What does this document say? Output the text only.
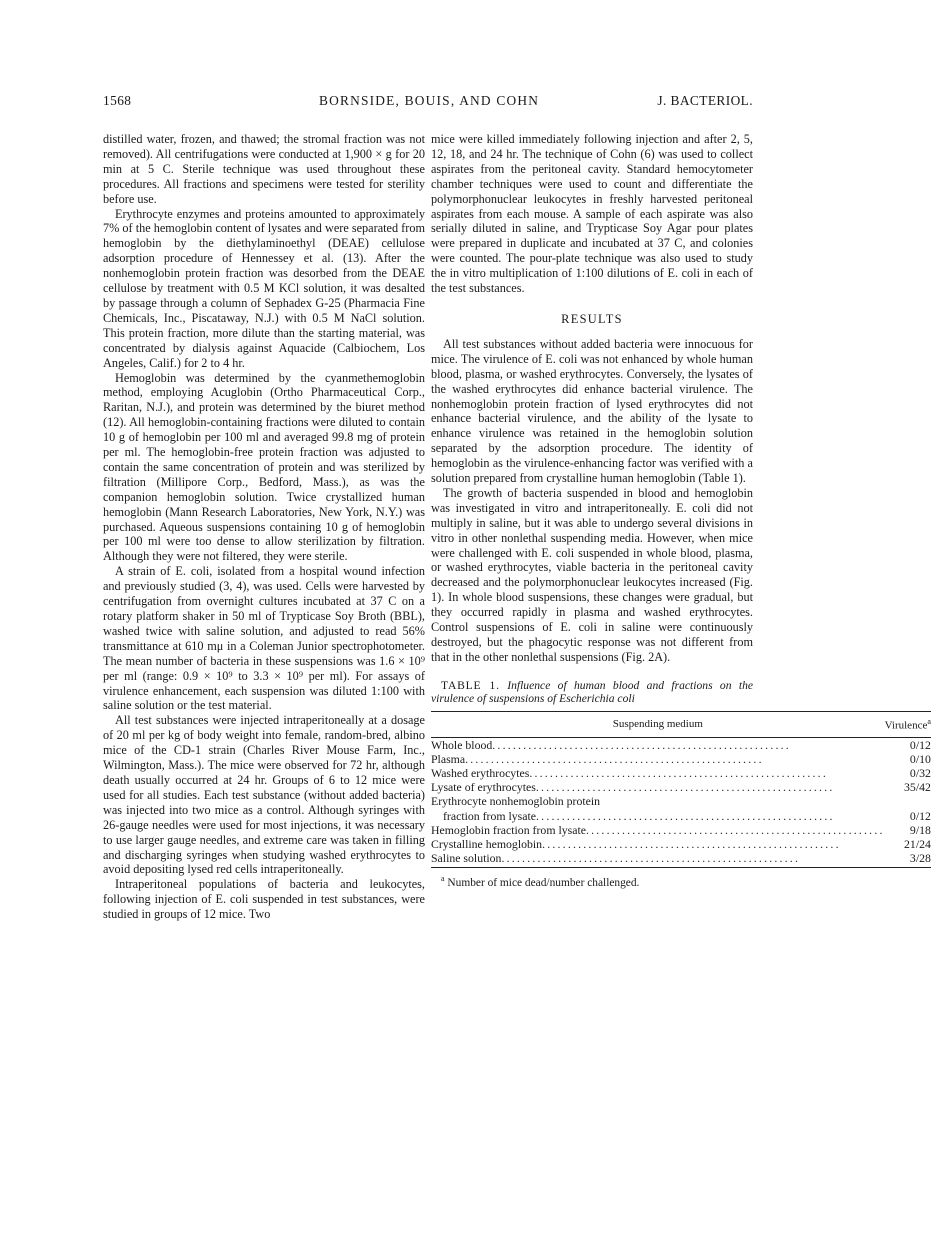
1568	BORNSIDE, BOUIS, AND COHN	J. BACTERIOL.

distilled water, frozen, and thawed; the stromal fraction was not removed). All centrifugations were conducted at 1,900 × g for 20 min at 5 C. Sterile technique was used throughout these procedures. All fractions and specimens were tested for sterility before use.

Erythrocyte enzymes and proteins amounted to approximately 7% of the hemoglobin content of lysates and were separated from hemoglobin by the diethylaminoethyl (DEAE) cellulose adsorption procedure of Hennessey et al. (13). After the nonhemoglobin protein fraction was desorbed from the DEAE cellulose by treatment with 0.5 M KCl solution, it was desalted by passage through a column of Sephadex G-25 (Pharmacia Fine Chemicals, Inc., Piscataway, N.J.) with 0.5 M NaCl solution. This protein fraction, more dilute than the starting material, was concentrated by dialysis against Aquacide (Calbiochem, Los Angeles, Calif.) for 2 to 4 hr.

Hemoglobin was determined by the cyanmethemoglobin method, employing Acuglobin (Ortho Pharmaceutical Corp., Raritan, N.J.), and protein was determined by the biuret method (12). All hemoglobin-containing fractions were diluted to contain 10 g of hemoglobin per 100 ml and averaged 99.8 mg of protein per ml. The hemoglobin-free protein fraction was adjusted to contain the same concentration of protein and was sterilized by filtration (Millipore Corp., Bedford, Mass.), as was the companion hemoglobin solution. Twice crystallized human hemoglobin (Mann Research Laboratories, New York, N.Y.) was purchased. Aqueous suspensions containing 10 g of hemoglobin per 100 ml were too dense to allow sterilization by filtration. Although they were not filtered, they were sterile.

A strain of E. coli, isolated from a hospital wound infection and previously studied (3, 4), was used. Cells were harvested by centrifugation from overnight cultures incubated at 37 C on a rotary platform shaker in 50 ml of Trypticase Soy Broth (BBL), washed twice with saline solution, and adjusted to read 56% transmittance at 610 mμ in a Coleman Junior spectrophotometer. The mean number of bacteria in these suspensions was 1.6 × 10⁹ per ml (range: 0.9 × 10⁹ to 3.3 × 10⁹ per ml). For assays of virulence enhancement, each suspension was diluted 1:100 with saline solution or the test material.

All test substances were injected intraperitoneally at a dosage of 20 ml per kg of body weight into female, random-bred, albino mice of the CD-1 strain (Charles River Mouse Farm, Inc., Wilmington, Mass.). The mice were observed for 72 hr, although death usually occurred at 24 hr. Groups of 6 to 12 mice were used for all studies. Each test substance (without added bacteria) was injected into two mice as a control. Although syringes with 26-gauge needles were used for most injections, it was necessary to use larger gauge needles, and extreme care was taken in filling and discharging syringes when studying washed erythrocytes to avoid depositing lysed red cells intraperitoneally.

Intraperitoneal populations of bacteria and leukocytes, following injection of E. coli suspended in test substances, were studied in groups of 12 mice. Two

mice were killed immediately following injection and after 2, 5, 12, 18, and 24 hr. The technique of Cohn (6) was used to collect aspirates from the peritoneal cavity. Standard hemocytometer chamber techniques were used to count and differentiate the polymorphonuclear leukocytes in freshly harvested peritoneal aspirates from each mouse. A sample of each aspirate was also serially diluted in saline, and Trypticase Soy Agar pour plates were prepared in duplicate and incubated at 37 C, and colonies were counted. The pour-plate technique was also used to study the in vitro multiplication of 1:100 dilutions of E. coli in each of the test substances.

RESULTS

All test substances without added bacteria were innocuous for mice. The virulence of E. coli was not enhanced by whole human blood, plasma, or washed erythrocytes. Conversely, the lysates of the washed erythrocytes did enhance bacterial virulence. The nonhemoglobin protein fraction of lysed erythrocytes did not enhance bacterial virulence, and the ability of the lysate to enhance virulence was retained in the hemoglobin solution separated by the adsorption procedure. The identity of hemoglobin as the virulence-enhancing factor was verified with a solution prepared from crystalline human hemoglobin (Table 1).

The growth of bacteria suspended in blood and hemoglobin was investigated in vitro and intraperitoneally. E. coli did not multiply in saline, but it was able to undergo several divisions in vitro in other nonlethal suspending media. However, when mice were challenged with E. coli suspended in whole blood, plasma, or washed erythrocytes, viable bacteria in the peritoneal cavity decreased and the polymorphonuclear leukocytes increased (Fig. 1). In whole blood suspensions, these changes were gradual, but they occurred rapidly in plasma and washed erythrocytes. Control suspensions of E. coli in saline were continuously destroyed, but the phagocytic response was not different from that in the other nonlethal suspensions (Fig. 2A).

TABLE 1. Influence of human blood and fractions on the virulence of suspensions of Escherichia coli
Suspending medium	Virulence$^a$

Whole blood ..........................................................	0/12

Plasma ..........................................................	0/10

Washed erythrocytes ..........................................................	0/32

Lysate of erythrocytes ..........................................................	35/42

Erythrocyte nonhemoglobin protein	

fraction from lysate ..........................................................	0/12

Hemoglobin fraction from lysate ..........................................................	9/18

Crystalline hemoglobin ..........................................................	21/24

Saline solution ..........................................................	3/28
$^a$ Number of mice dead/number challenged.
